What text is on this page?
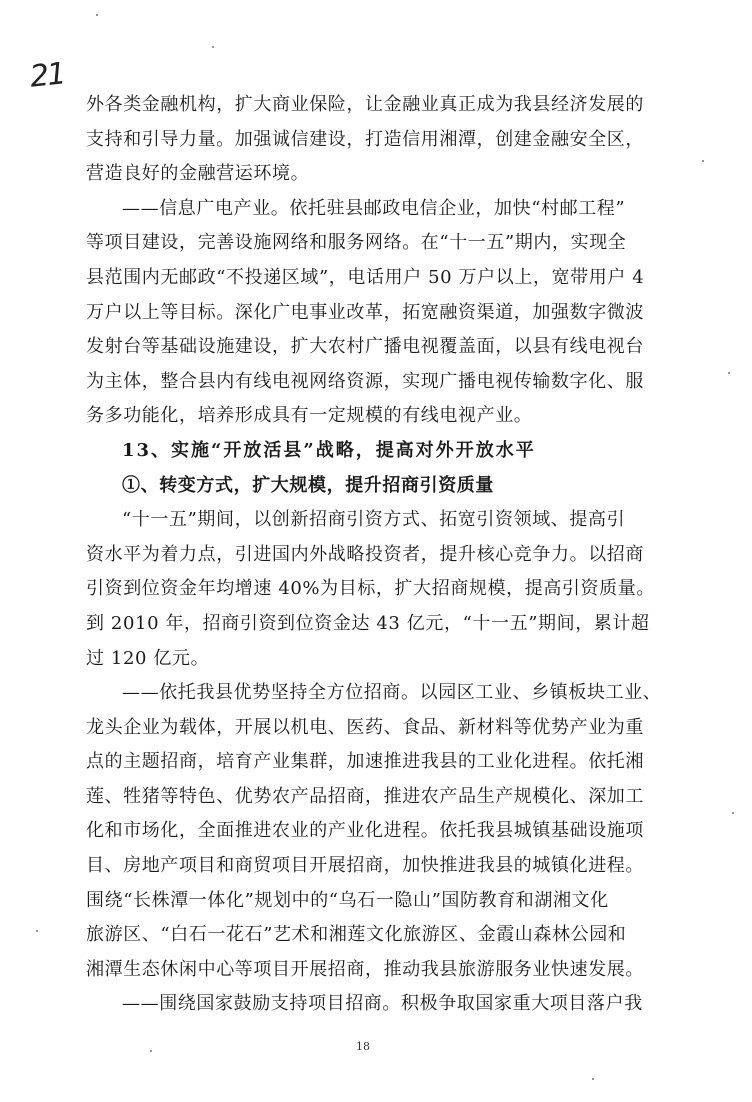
21
外各类金融机构，扩大商业保险，让金融业真正成为我县经济发展的
支持和引导力量。加强诚信建设，打造信用湘潭，创建金融安全区，
营造良好的金融营运环境。
——信息广电产业。依托驻县邮政电信企业，加快“村邮工程”
等项目建设，完善设施网络和服务网络。在“十一五”期内，实现全
县范围内无邮政“不投递区域”，电话用户 50 万户以上，宽带用户 4
万户以上等目标。深化广电事业改革，拓宽融资渠道，加强数字微波
发射台等基础设施建设，扩大农村广播电视覆盖面，以县有线电视台
为主体，整合县内有线电视网络资源，实现广播电视传输数字化、服
务多功能化，培养形成具有一定规模的有线电视产业。
13、实施“开放活县”战略，提高对外开放水平
①、转变方式，扩大规模，提升招商引资质量
“十一五”期间，以创新招商引资方式、拓宽引资领域、提高引
资水平为着力点，引进国内外战略投资者，提升核心竞争力。以招商
引资到位资金年均增速 40%为目标，扩大招商规模，提高引资质量。
到 2010 年，招商引资到位资金达 43 亿元，“十一五”期间，累计超
过 120 亿元。
——依托我县优势坚持全方位招商。以园区工业、乡镇板块工业、
龙头企业为载体，开展以机电、医药、食品、新材料等优势产业为重
点的主题招商，培育产业集群，加速推进我县的工业化进程。依托湘
莲、牲猪等特色、优势农产品招商，推进农产品生产规模化、深加工
化和市场化，全面推进农业的产业化进程。依托我县城镇基础设施项
目、房地产项目和商贸项目开展招商，加快推进我县的城镇化进程。
围绕“长株潭一体化”规划中的“乌石一隐山”国防教育和湖湘文化
旅游区、“白石一花石”艺术和湘莲文化旅游区、金霞山森林公园和
湘潭生态休闲中心等项目开展招商，推动我县旅游服务业快速发展。
——围绕国家鼓励支持项目招商。积极争取国家重大项目落户我
18
